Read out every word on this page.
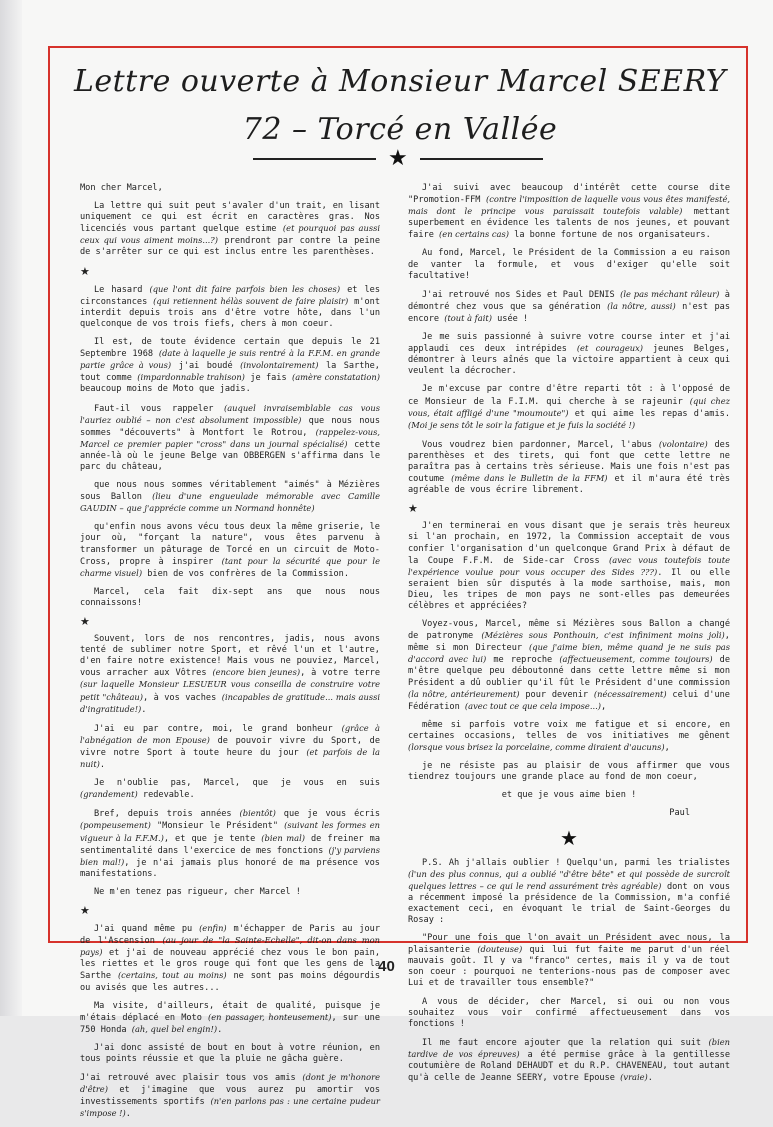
Lettre ouverte à Monsieur Marcel SEERY
72 – Torcé en Vallée
★

Mon cher Marcel,

La lettre qui suit peut s'avaler d'un trait, en lisant uniquement ce qui est écrit en caractères gras. Nos licenciés vous partant quelque estime (et pourquoi pas aussi ceux qui vous aiment moins...?) prendront par contre la peine de s'arrêter sur ce qui est inclus entre les parenthèses.

★

Le hasard (que l'ont dit faire parfois bien les choses) et les circonstances (qui retiennent hélàs souvent de faire plaisir) m'ont interdit depuis trois ans d'être votre hôte, dans l'un quelconque de vos trois fiefs, chers à mon coeur.

Il est, de toute évidence certain que depuis le 21 Septembre 1968 (date à laquelle je suis rentré à la F.F.M. en grande partie grâce à vous) j'ai boudé (involontairement) la Sarthe, tout comme (impardonnable trahison) je fais (amère constatation) beaucoup moins de Moto que jadis.

Faut-il vous rappeler (auquel invraisemblable cas vous l'auriez oublié – non c'est absolument impossible) que nous nous sommes "découverts" à Montfort le Rotrou, (rappelez-vous, Marcel ce premier papier "cross" dans un journal spécialisé) cette année-là où le jeune Belge van OBBERGEN s'affirma dans le parc du château,

que nous nous sommes véritablement "aimés" à Mézières sous Ballon (lieu d'une engueulade mémorable avec Camille GAUDIN – que j'apprécie comme un Normand honnête)

qu'enfin nous avons vécu tous deux la même griserie, le jour où, "forçant la nature", vous êtes parvenu à transformer un pâturage de Torcé en un circuit de Moto-Cross, propre à inspirer (tant pour la sécurité que pour le charme visuel) bien de vos confrères de la Commission.

Marcel, cela fait dix-sept ans que nous nous connaissons!

★

Souvent, lors de nos rencontres, jadis, nous avons tenté de sublimer notre Sport, et rêvé l'un et l'autre, d'en faire notre existence! Mais vous ne pouviez, Marcel, vous arracher aux Vôtres (encore bien jeunes), à votre terre (sur laquelle Monsieur LESUEUR vous conseilla de construire votre petit "château), à vos vaches (incapables de gratitude... mais aussi d'ingratitude!).

J'ai eu par contre, moi, le grand bonheur (grâce à l'abnégation de mon Epouse) de pouvoir vivre du Sport, de vivre notre Sport à toute heure du jour (et parfois de la nuit).

Je n'oublie pas, Marcel, que je vous en suis (grandement) redevable.

Bref, depuis trois années (bientôt) que je vous écris (pompeusement) "Monsieur le Président" (suivant les formes en vigueur à la F.F.M.), et que je tente (bien mal) de freiner ma sentimentalité dans l'exercice de mes fonctions (j'y parviens bien mal!), je n'ai jamais plus honoré de ma présence vos manifestations.

Ne m'en tenez pas rigueur, cher Marcel !

★

J'ai quand même pu (enfin) m'échapper de Paris au jour de l'Ascension (au jour de "la Sainte-Echelle", dit-on dans mon pays) et j'ai de nouveau apprécié chez vous le bon pain, les riettes et le gros rouge qui font que les gens de la Sarthe (certains, tout au moins) ne sont pas moins dégourdis ou avisés que les autres...

Ma visite, d'ailleurs, était de qualité, puisque je m'étais déplacé en Moto (en passager, honteusement), sur une 750 Honda (ah, quel bel engin!).

J'ai donc assisté de bout en bout à votre réunion, en tous points réussie et que la pluie ne gâcha guère.

J'ai retrouvé avec plaisir tous vos amis (dont je m'honore d'être) et j'imagine que vous aurez pu amortir vos investissements sportifs (n'en parlons pas : une certaine pudeur s'impose !).

J'ai suivi avec beaucoup d'intérêt cette course dite "Promotion-FFM (contre l'imposition de laquelle vous vous êtes manifesté, mais dont le principe vous paraissait toutefois valable) mettant superbement en évidence les talents de nos jeunes, et pouvant faire (en certains cas) la bonne fortune de nos organisateurs.

Au fond, Marcel, le Président de la Commission a eu raison de vanter la formule, et vous d'exiger qu'elle soit facultative!

J'ai retrouvé nos Sides et Paul DENIS (le pas méchant râleur) à démontré chez vous que sa génération (la nôtre, aussi) n'est pas encore (tout à fait) usée !

Je me suis passionné à suivre votre course inter et j'ai applaudi ces deux intrépides (et courageux) jeunes Belges, démontrer à leurs aînés que la victoire appartient à ceux qui veulent la décrocher.

Je m'excuse par contre d'être reparti tôt : à l'opposé de ce Monsieur de la F.I.M. qui cherche à se rajeunir (qui chez vous, était affligé d'une "moumoute") et qui aime les repas d'amis. (Moi je sens tôt le soir la fatigue et je fuis la société !)

Vous voudrez bien pardonner, Marcel, l'abus (volontaire) des parenthèses et des tirets, qui font que cette lettre ne paraîtra pas à certains très sérieuse. Mais une fois n'est pas coutume (même dans le Bulletin de la FFM) et il m'aura été très agréable de vous écrire librement.

★

J'en terminerai en vous disant que je serais très heureux si l'an prochain, en 1972, la Commission acceptait de vous confier l'organisation d'un quelconque Grand Prix à défaut de la Coupe F.F.M. de Side-car Cross (avec vous toutefois toute l'expérience voulue pour vous occuper des Sides ???). Il ou elle seraient bien sûr disputés à la mode sarthoise, mais, mon Dieu, les tripes de mon pays ne sont-elles pas demeurées célèbres et appréciées?

Voyez-vous, Marcel, même si Mézières sous Ballon a changé de patronyme (Mézières sous Ponthouin, c'est infiniment moins joli), même si mon Directeur (que j'aime bien, même quand je ne suis pas d'accord avec lui) me reproche (affectueusement, comme toujours) de m'être quelque peu déboutonné dans cette lettre même si mon Président a dû oublier qu'il fût le Président d'une commission (la nôtre, antérieurement) pour devenir (nécessairement) celui d'une Fédération (avec tout ce que cela impose...),

même si parfois votre voix me fatigue et si encore, en certaines occasions, telles de vos initiatives me gênent (lorsque vous brisez la porcelaine, comme diraient d'aucuns),

je ne résiste pas au plaisir de vous affirmer que vous tiendrez toujours une grande place au fond de mon coeur,

et que je vous aime bien !

Paul

★

P.S. Ah j'allais oublier ! Quelqu'un, parmi les trialistes (l'un des plus connus, qui a oublié "d'être bête" et qui possède de surcroît quelques lettres – ce qui le rend assurément très agréable) dont on vous a récemment imposé la présidence de la Commission, m'a confié exactement ceci, en évoquant le trial de Saint-Georges du Rosay :

"Pour une fois que l'on avait un Président avec nous, la plaisanterie (douteuse) qui lui fut faite me parut d'un réel mauvais goût. Il y va "franco" certes, mais il y va de tout son coeur : pourquoi ne tenterions-nous pas de composer avec Lui et de travailler tous ensemble?"

A vous de décider, cher Marcel, si oui ou non vous souhaitez vous voir confirmé affectueusement dans vos fonctions !

Il me faut encore ajouter que la relation qui suit (bien tardive de vos épreuves) a été permise grâce à la gentillesse coutumière de Roland DEHAUDT et du R.P. CHAVENEAU, tout autant qu'à celle de Jeanne SEERY, votre Epouse (vraie).

40
